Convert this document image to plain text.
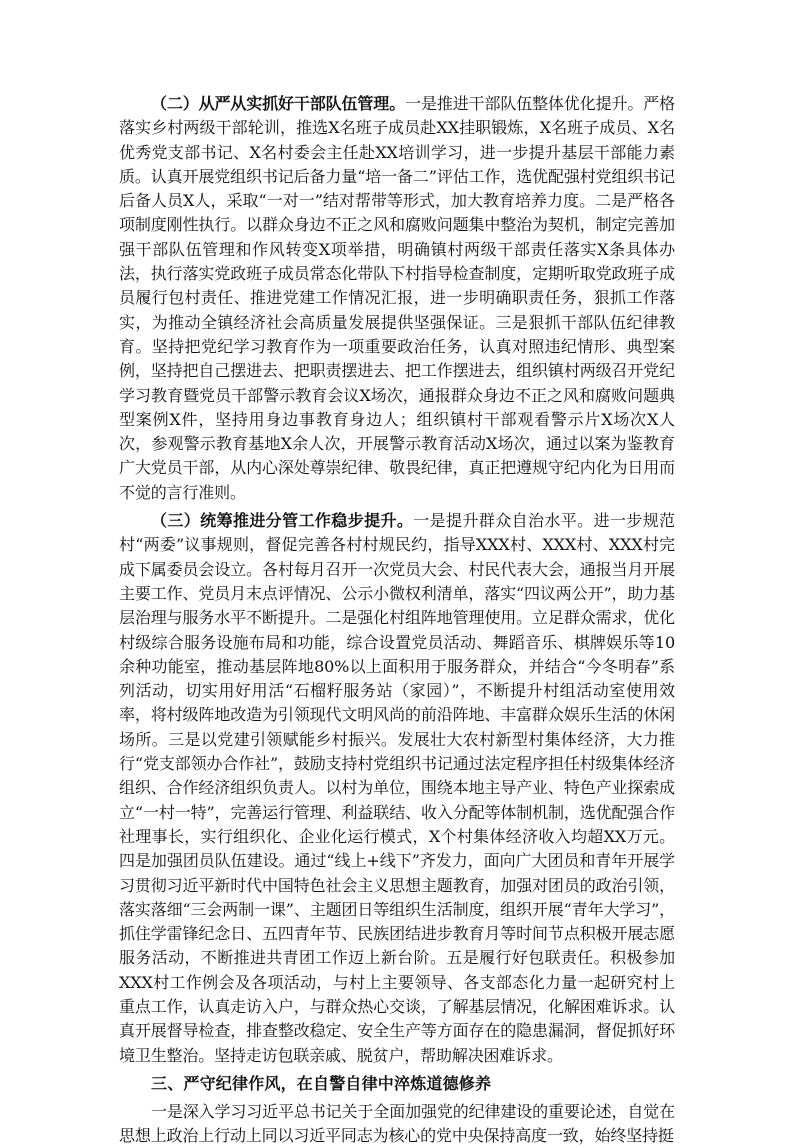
（二）从严从实抓好干部队伍管理。一是推进干部队伍整体优化提升。严格落实乡村两级干部轮训，推选X名班子成员赴XX挂职锻炼，X名班子成员、X名优秀党支部书记、X名村委会主任赴XX培训学习，进一步提升基层干部能力素质。认真开展党组织书记后备力量“培一备二”评估工作，选优配强村党组织书记后备人员X人，采取“一对一”结对帮带等形式，加大教育培养力度。二是严格各项制度刚性执行。以群众身边不正之风和腐败问题集中整治为契机，制定完善加强干部队伍管理和作风转变X项举措，明确镇村两级干部责任落实X条具体办法，执行落实党政班子成员常态化带队下村指导检查制度，定期听取党政班子成员履行包村责任、推进党建工作情况汇报，进一步明确职责任务，狠抓工作落实，为推动全镇经济社会高质量发展提供坚强保证。三是狠抓干部队伍纪律教育。坚持把党纪学习教育作为一项重要政治任务，认真对照违纪情形、典型案例，坚持把自己摆进去、把职责摆进去、把工作摆进去，组织镇村两级召开党纪学习教育暨党员干部警示教育会议X场次，通报群众身边不正之风和腐败问题典型案例X件，坚持用身边事教育身边人；组织镇村干部观看警示片X场次X人次，参观警示教育基地X余人次，开展警示教育活动X场次，通过以案为鉴教育广大党员干部，从内心深处尊崇纪律、敬畏纪律，真正把遵规守纪内化为日用而不觉的言行准则。

（三）统筹推进分管工作稳步提升。一是提升群众自治水平。进一步规范村“两委”议事规则，督促完善各村村规民约，指导XXX村、XXX村、XXX村完成下属委员会设立。各村每月召开一次党员大会、村民代表大会，通报当月开展主要工作、党员月末点评情况、公示小微权利清单，落实“四议两公开”，助力基层治理与服务水平不断提升。二是强化村组阵地管理使用。立足群众需求，优化村级综合服务设施布局和功能，综合设置党员活动、舞蹈音乐、棋牌娱乐等10余种功能室，推动基层阵地80%以上面积用于服务群众，并结合“今冬明春”系列活动，切实用好用活“石榴籽服务站（家园）”，不断提升村组活动室使用效率，将村级阵地改造为引领现代文明风尚的前沿阵地、丰富群众娱乐生活的休闲场所。三是以党建引领赋能乡村振兴。发展壮大农村新型村集体经济，大力推行“党支部领办合作社”，鼓励支持村党组织书记通过法定程序担任村级集体经济组织、合作经济组织负责人。以村为单位，围绕本地主导产业、特色产业探索成立“一村一特”，完善运行管理、利益联结、收入分配等体制机制，选优配强合作社理事长，实行组织化、企业化运行模式，X个村集体经济收入均超XX万元。四是加强团员队伍建设。通过“线上+线下”齐发力，面向广大团员和青年开展学习贯彻习近平新时代中国特色社会主义思想主题教育，加强对团员的政治引领，落实落细“三会两制一课”、主题团日等组织生活制度，组织开展“青年大学习”，抓住学雷锋纪念日、五四青年节、民族团结进步教育月等时间节点积极开展志愿服务活动，不断推进共青团工作迈上新台阶。五是履行好包联责任。积极参加XXX村工作例会及各项活动，与村上主要领导、各支部态化力量一起研究村上重点工作，认真走访入户，与群众热心交谈，了解基层情况，化解困难诉求。认真开展督导检查，排查整改稳定、安全生产等方面存在的隐患漏洞，督促抓好环境卫生整治。坚持走访包联亲戚、脱贫户，帮助解决困难诉求。

三、严守纪律作风，在自警自律中淬炼道德修养

一是深入学习习近平总书记关于全面加强党的纪律建设的重要论述，自觉在思想上政治上行动上同以习近平同志为核心的党中央保持高度一致，始终坚持挺
